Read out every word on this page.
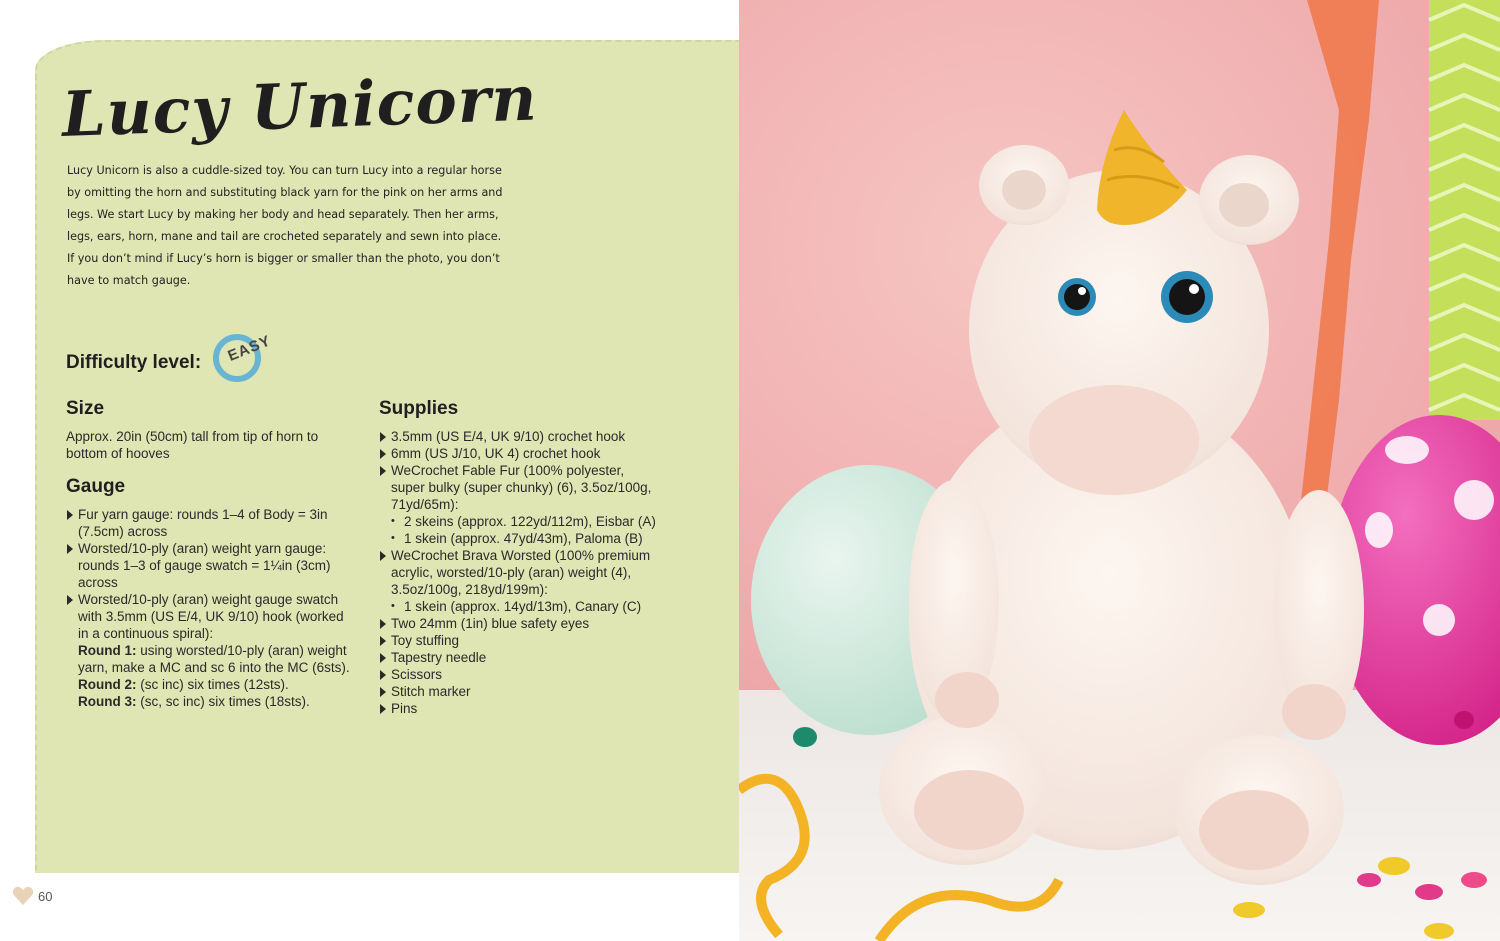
Lucy Unicorn

Lucy Unicorn is also a cuddle-sized toy. You can turn Lucy into a regular horse by omitting the horn and substituting black yarn for the pink on her arms and legs. We start Lucy by making her body and head separately. Then her arms, legs, ears, horn, mane and tail are crocheted separately and sewn into place. If you don’t mind if Lucy’s horn is bigger or smaller than the photo, you don’t have to match gauge.

Difficulty level: EASY
Size
Approx. 20in (50cm) tall from tip of horn to bottom of hooves
Gauge
Fur yarn gauge: rounds 1–4 of Body = 3in (7.5cm) across
Worsted/10-ply (aran) weight yarn gauge: rounds 1–3 of gauge swatch = 1¼in (3cm) across
Worsted/10-ply (aran) weight gauge swatch with 3.5mm (US E/4, UK 9/10) hook (worked in a continuous spiral):
Round 1: using worsted/10-ply (aran) weight yarn, make a MC and sc 6 into the MC (6sts).
Round 2: (sc inc) six times (12sts).
Round 3: (sc, sc inc) six times (18sts).
Supplies
3.5mm (US E/4, UK 9/10) crochet hook
6mm (US J/10, UK 4) crochet hook
WeCrochet Fable Fur (100% polyester, super bulky (super chunky) (6), 3.5oz/100g, 71yd/65m):
• 2 skeins (approx. 122yd/112m), Eisbar (A)
• 1 skein (approx. 47yd/43m), Paloma (B)
WeCrochet Brava Worsted (100% premium acrylic, worsted/10-ply (aran) weight (4), 3.5oz/100g, 218yd/199m):
• 1 skein (approx. 14yd/13m), Canary (C)
Two 24mm (1in) blue safety eyes
Toy stuffing
Tapestry needle
Scissors
Stitch marker
Pins
60
